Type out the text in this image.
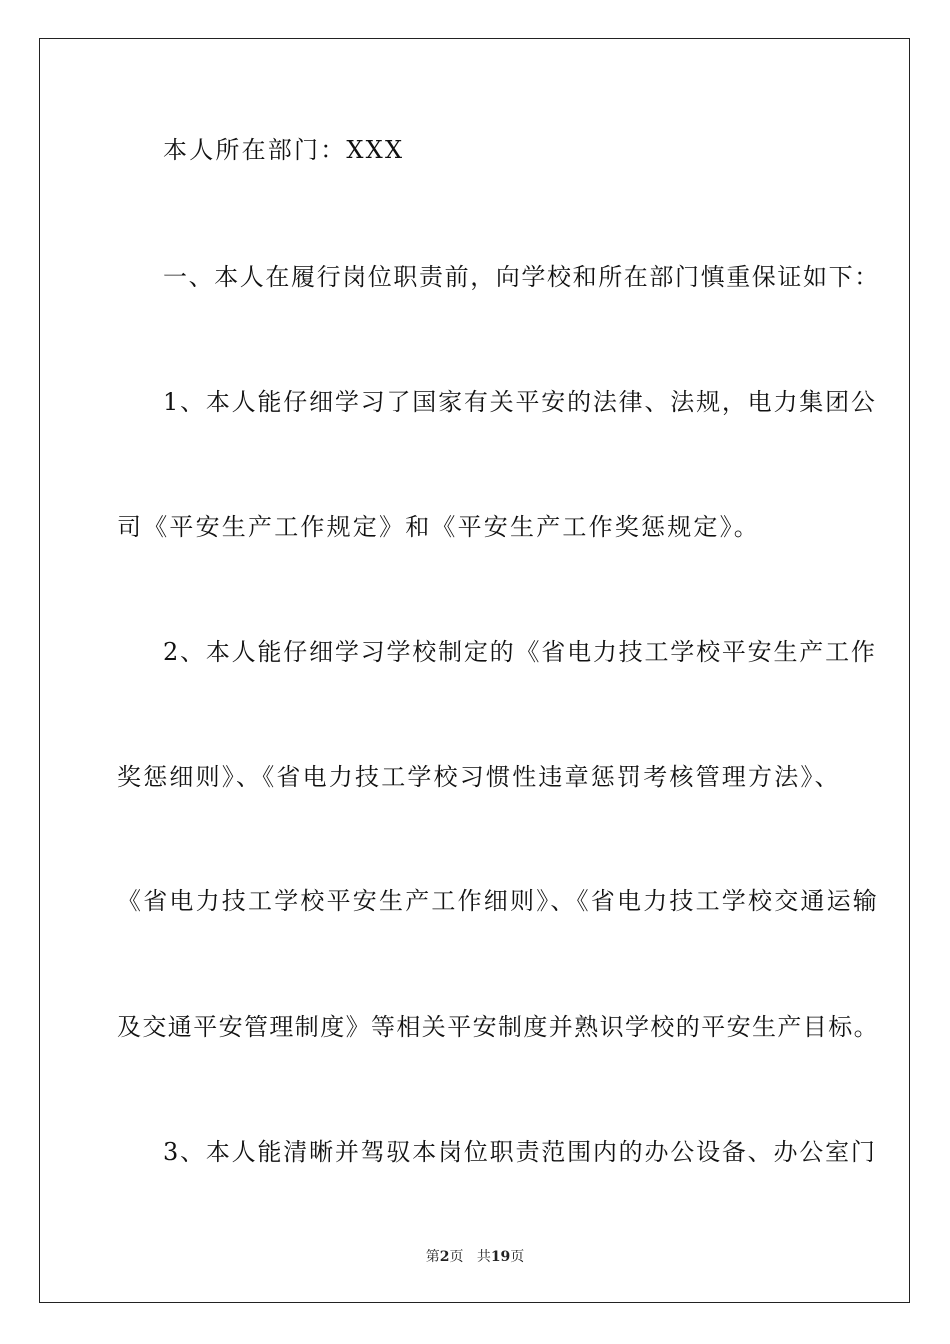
本人所在部门：XXX
一、本人在履行岗位职责前，向学校和所在部门慎重保证如下：
1、本人能仔细学习了国家有关平安的法律、法规，电力集团公
司《平安生产工作规定》和《平安生产工作奖惩规定》。
2、本人能仔细学习学校制定的《省电力技工学校平安生产工作
奖惩细则》、《省电力技工学校习惯性违章惩罚考核管理方法》、
《省电力技工学校平安生产工作细则》、《省电力技工学校交通运输
及交通平安管理制度》等相关平安制度并熟识学校的平安生产目标。
3、本人能清晰并驾驭本岗位职责范围内的办公设备、办公室门
第2页 共19页
